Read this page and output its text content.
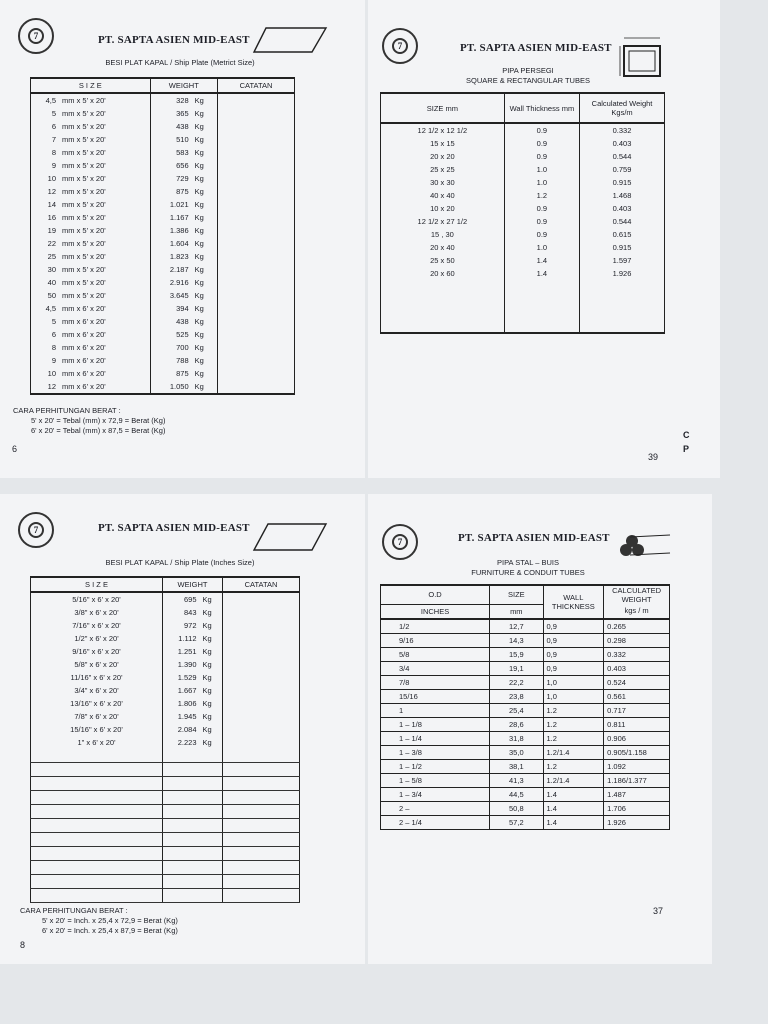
7	PT. SAPTA ASIEN MID-EAST
BESI PLAT KAPAL / Ship Plate (Metrict Size)
S I Z E		WEIGHT		CATATAN
4,5	mm x 5' x 20'	328	Kg	
5	mm x 5' x 20'	365	Kg	
6	mm x 5' x 20'	438	Kg	
7	mm x 5' x 20'	510	Kg	
8	mm x 5' x 20'	583	Kg	
9	mm x 5' x 20'	656	Kg	
10	mm x 5' x 20'	729	Kg	
12	mm x 5' x 20'	875	Kg	
14	mm x 5' x 20'	1.021	Kg	
16	mm x 5' x 20'	1.167	Kg	
19	mm x 5' x 20'	1.386	Kg	
22	mm x 5' x 20'	1.604	Kg	
25	mm x 5' x 20'	1.823	Kg	
30	mm x 5' x 20'	2.187	Kg	
40	mm x 5' x 20'	2.916	Kg	
50	mm x 5' x 20'	3.645	Kg	
4,5	mm x 6' x 20'	394	Kg	
5	mm x 6' x 20'	438	Kg	
6	mm x 6' x 20'	525	Kg	
8	mm x 6' x 20'	700	Kg	
9	mm x 6' x 20'	788	Kg	
10	mm x 6' x 20'	875	Kg	
12	mm x 6' x 20'	1.050	Kg	
CARA PERHITUNGAN BERAT :
5' x 20' = Tebal (mm) x 72,9 = Berat (Kg)
6' x 20' = Tebal (mm) x 87,5 = Berat (Kg)
6
7	PT. SAPTA ASIEN MID-EAST
PIPA PERSEGI
SQUARE & RECTANGULAR TUBES
SIZE mm	Wall Thickness mm	Calculated Weight Kgs/m
12 1/2 x 12 1/2	0.9	0.332
15 x 15	0.9	0.403
20 x 20	0.9	0.544
25 x 25	1.0	0.759
30 x 30	1.0	0.915
40 x 40	1.2	1.468
10 x 20	0.9	0.403
12 1/2 x 27 1/2	0.9	0.544
15 , 30	0.9	0.615
20 x 40	1.0	0.915
25 x 50	1.4	1.597
20 x 60	1.4	1.926

39
C P
7	PT. SAPTA ASIEN MID-EAST
BESI PLAT KAPAL / Ship Plate (Inches Size)
S I Z E	WEIGHT		CATATAN
5/16" x 6' x 20'	695	Kg	
3/8" x 6' x 20'	843	Kg	
7/16" x 6' x 20'	972	Kg	
1/2" x 6' x 20'	1.112	Kg	
9/16" x 6' x 20'	1.251	Kg	
5/8" x 6' x 20'	1.390	Kg	
11/16" x 6' x 20'	1.529	Kg	
3/4" x 6' x 20'	1.667	Kg	
13/16" x 6' x 20'	1.806	Kg	
7/8" x 6' x 20'	1.945	Kg	
15/16" x 6' x 20'	2.084	Kg	
1" x 6' x 20'	2.223	Kg	

CARA PERHITUNGAN BERAT :
5' x 20' = Inch. x 25,4 x 72,9 = Berat (Kg)
6' x 20' = Inch. x 25,4 x 87,9 = Berat (Kg)
8
7	PT. SAPTA ASIEN MID-EAST
PIPA STAL – BUIS
FURNITURE & CONDUIT TUBES
O.D	SIZE	WALL THICKNESS	CALCULATED WEIGHT
INCHES	mm		kgs / m
1/2	12,7	0,9	0.265
9/16	14,3	0,9	0.298
5/8	15,9	0,9	0.332
3/4	19,1	0,9	0.403
7/8	22,2	1,0	0.524
15/16	23,8	1,0	0.561
1	25,4	1.2	0.717
1 – 1/8	28,6	1.2	0.811
1 – 1/4	31,8	1.2	0.906
1 – 3/8	35,0	1.2/1.4	0.905/1.158
1 – 1/2	38,1	1.2	1.092
1 – 5/8	41,3	1.2/1.4	1.186/1.377
1 – 3/4	44,5	1.4	1.487
2 –	50,8	1.4	1.706
2 – 1/4	57,2	1.4	1.926
37
